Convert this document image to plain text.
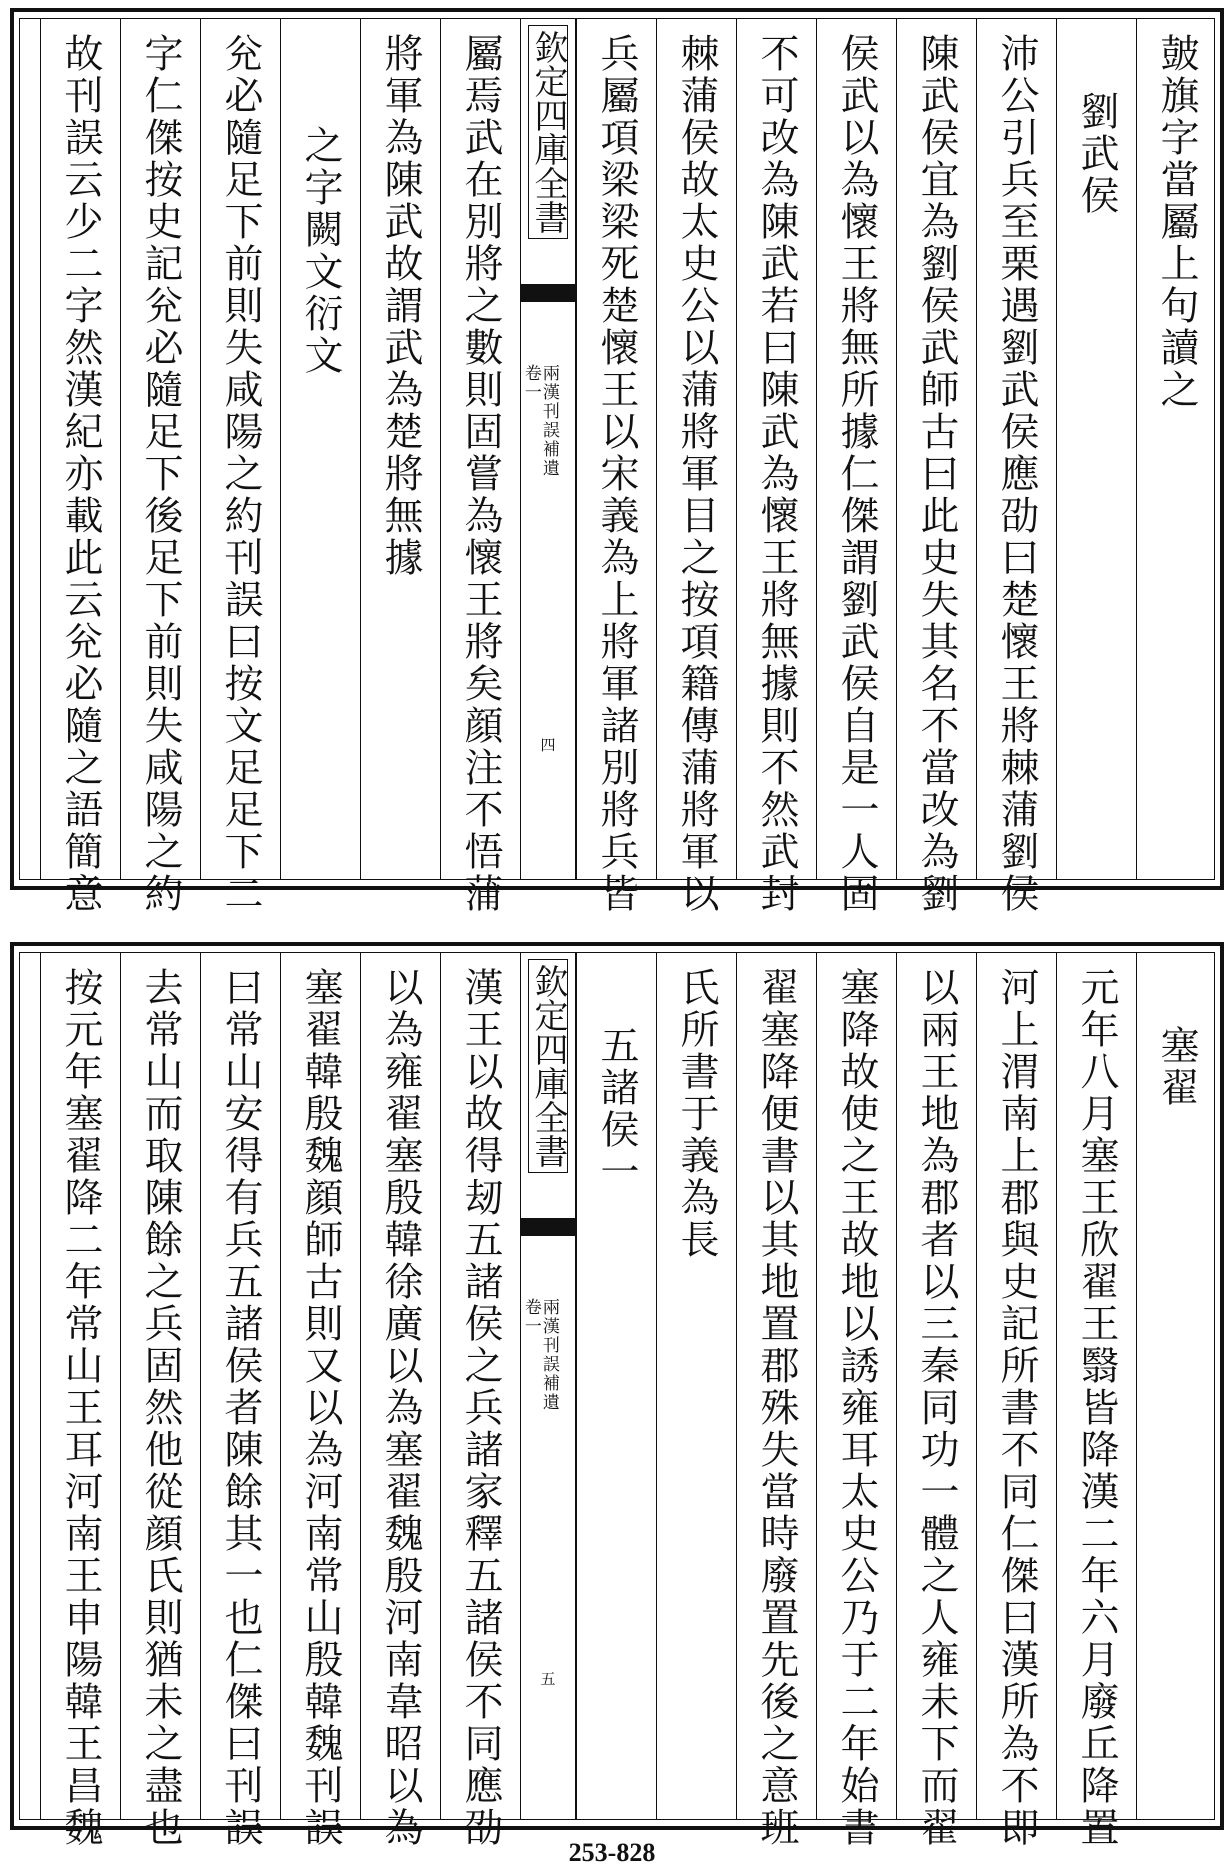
皷旗字當屬上句讀之
劉武侯
沛公引兵至栗遇劉武侯應劭曰楚懷王將棘蒲劉侯
陳武侯宜為劉侯武師古曰此史失其名不當改為劉
侯武以為懷王將無所據仁傑謂劉武侯自是一人固
不可改為陳武若曰陳武為懷王將無據則不然武封
棘蒲侯故太史公以蒲將軍目之按項籍傳蒲將軍以
兵屬項梁梁死楚懷王以宋義為上將軍諸別將兵皆
欽定四庫全書
兩漢刊誤補遺
卷一
四
屬焉武在別將之數則固嘗為懷王將矣顔注不悟蒲
將軍為陳武故謂武為楚將無據
之字闕文衍文
兊必隨足下前則失咸陽之約刊誤曰按文足足下二
字仁傑按史記兊必隨足下後足下前則失咸陽之約
故刊誤云少二字然漢紀亦載此云兊必隨之語簡意
塞翟
元年八月塞王欣翟王翳皆降漢二年六月廢丘降置
河上渭南上郡與史記所書不同仁傑曰漢所為不即
以兩王地為郡者以三秦同功一體之人雍未下而翟
塞降故使之王故地以誘雍耳太史公乃于二年始書
翟塞降便書以其地置郡殊失當時廢置先後之意班
氏所書于義為長
五諸侯一
欽定四庫全書
兩漢刊誤補遺
卷一
五
漢王以故得刼五諸侯之兵諸家釋五諸侯不同應劭
以為雍翟塞殷韓徐廣以為塞翟魏殷河南韋昭以為
塞翟韓殷魏顔師古則又以為河南常山殷韓魏刊誤
曰常山安得有兵五諸侯者陳餘其一也仁傑曰刊誤
去常山而取陳餘之兵固然他從顔氏則猶未之盡也
按元年塞翟降二年常山王耳河南王申陽韓王昌魏
253-828
